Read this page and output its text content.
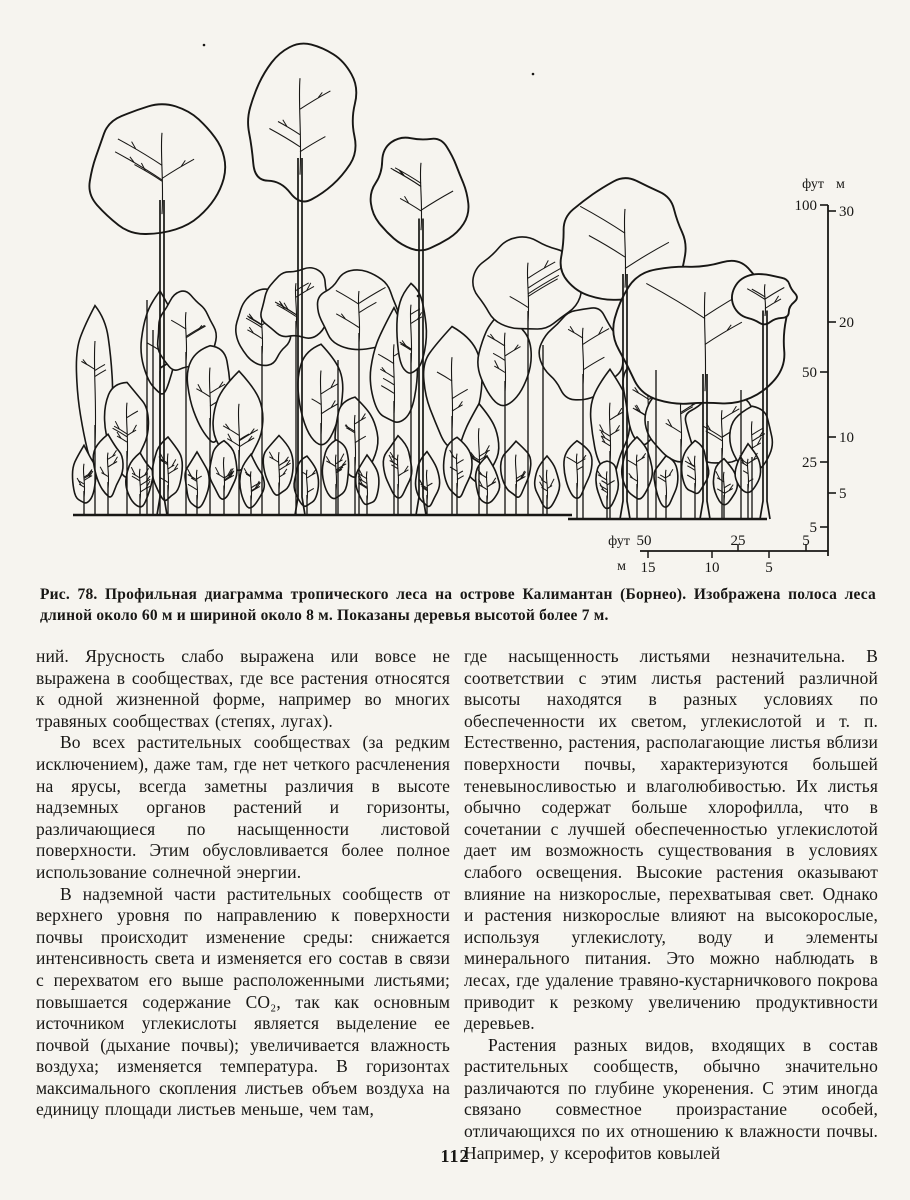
фут м
100
50
25
5
30
20
10
5
фут
м
50	25	5
15	10	5
Рис. 78. Профильная диаграмма тропического леса на острове Калимантан (Борнео). Изображена полоса леса длиной около 60 м и шириной около 8 м. Показаны деревья высотой более 7 м.

ний. Ярусность слабо выражена или вовсе не выражена в сообществах, где все растения относятся к одной жизненной форме, например во многих травяных сообществах (степях, лугах).

Во всех растительных сообществах (за редким исключением), даже там, где нет четкого расчленения на ярусы, всегда заметны различия в высоте надземных органов растений и горизонты, различающиеся по насыщенности листовой поверхности. Этим обусловливается более полное использование солнечной энергии.

В надземной части растительных сообществ от верхнего уровня по направлению к поверхности почвы происходит изменение среды: снижается интенсивность света и изменяется его состав в связи с перехватом его выше расположенными листьями; повышается содержание CO₂, так как основным источником углекислоты является выделение ее почвой (дыхание почвы); увеличивается влажность воздуха; изменяется температура. В горизонтах максимального скопления листьев объем воздуха на единицу площади листьев меньше, чем там,

где насыщенность листьями незначительна. В соответствии с этим листья растений различной высоты находятся в разных условиях по обеспеченности их светом, углекислотой и т. п. Естественно, растения, располагающие листья вблизи поверхности почвы, характеризуются большей теневыносливостью и влаголюбивостью. Их листья обычно содержат больше хлорофилла, что в сочетании с лучшей обеспеченностью углекислотой дает им возможность существования в условиях слабого освещения. Высокие растения оказывают влияние на низкорослые, перехватывая свет. Однако и растения низкорослые влияют на высокорослые, используя углекислоту, воду и элементы минерального питания. Это можно наблюдать в лесах, где удаление травяно-кустарничкового покрова приводит к резкому увеличению продуктивности деревьев.

Растения разных видов, входящих в состав растительных сообществ, обычно значительно различаются по глубине укоренения. С этим иногда связано совместное произрастание особей, отличающихся по их отношению к влажности почвы. Например, у ксерофитов ковылей

112
